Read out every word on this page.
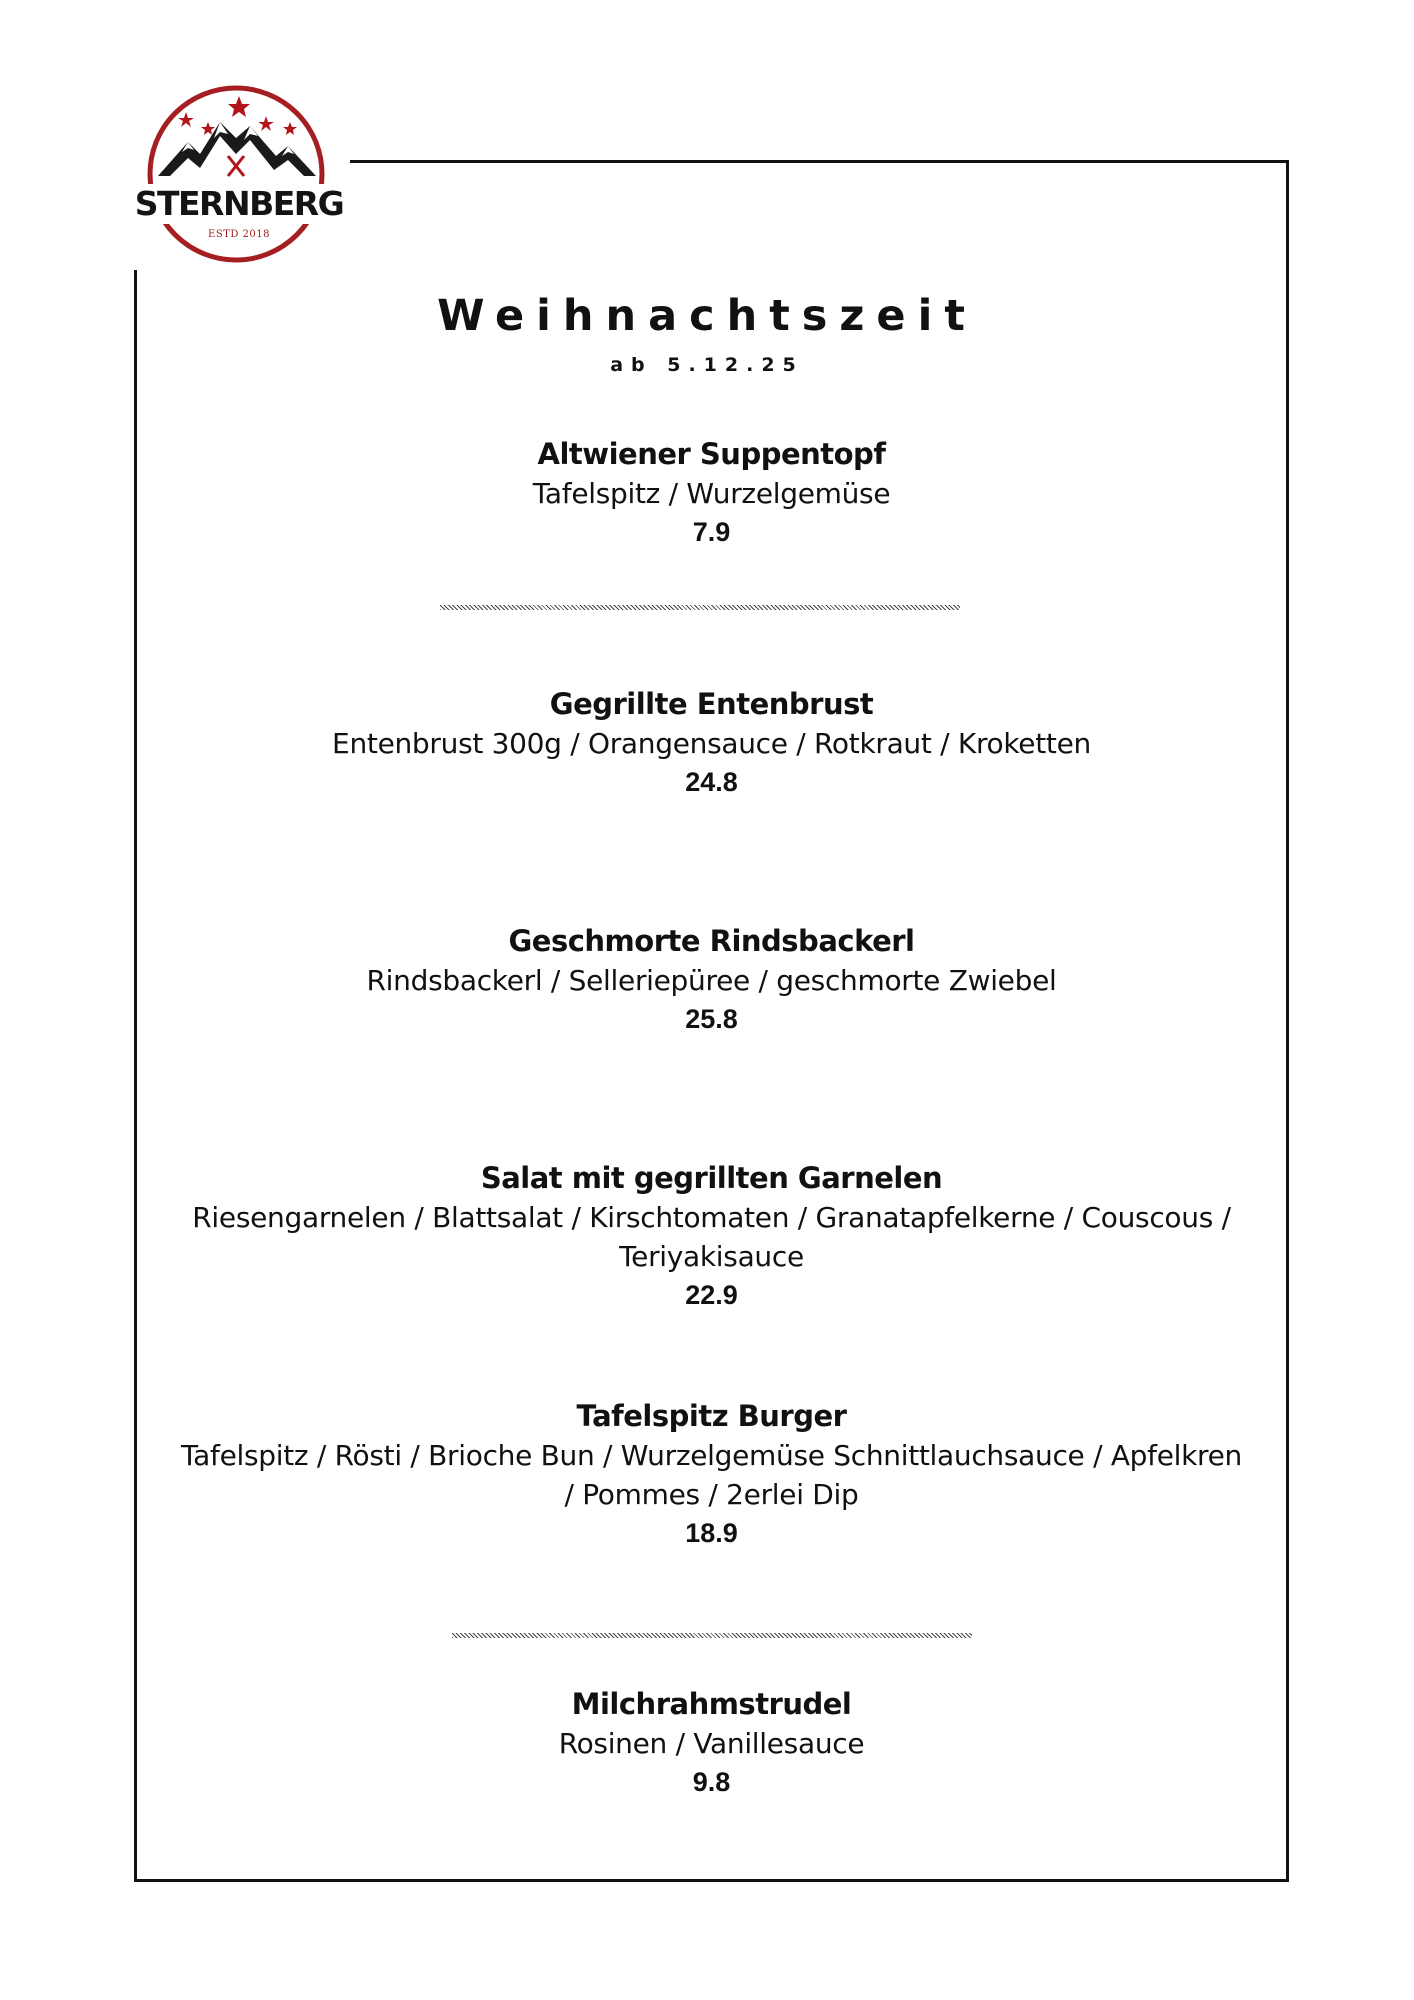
STERNBERG
ESTD 2018
Weihnachtszeit
ab 5.12.25
Altwiener Suppentopf
Tafelspitz / Wurzelgemüse
7.9
Gegrillte Entenbrust
Entenbrust 300g / Orangensauce / Rotkraut / Kroketten
24.8
Geschmorte Rindsbackerl
Rindsbackerl / Selleriepüree / geschmorte Zwiebel
25.8
Salat mit gegrillten Garnelen
Riesengarnelen / Blattsalat / Kirschtomaten / Granatapfelkerne / Couscous / Teriyakisauce
22.9
Tafelspitz Burger
Tafelspitz / Rösti / Brioche Bun / Wurzelgemüse Schnittlauchsauce / Apfelkren / Pommes / 2erlei Dip
18.9
Milchrahmstrudel
Rosinen / Vanillesauce
9.8
